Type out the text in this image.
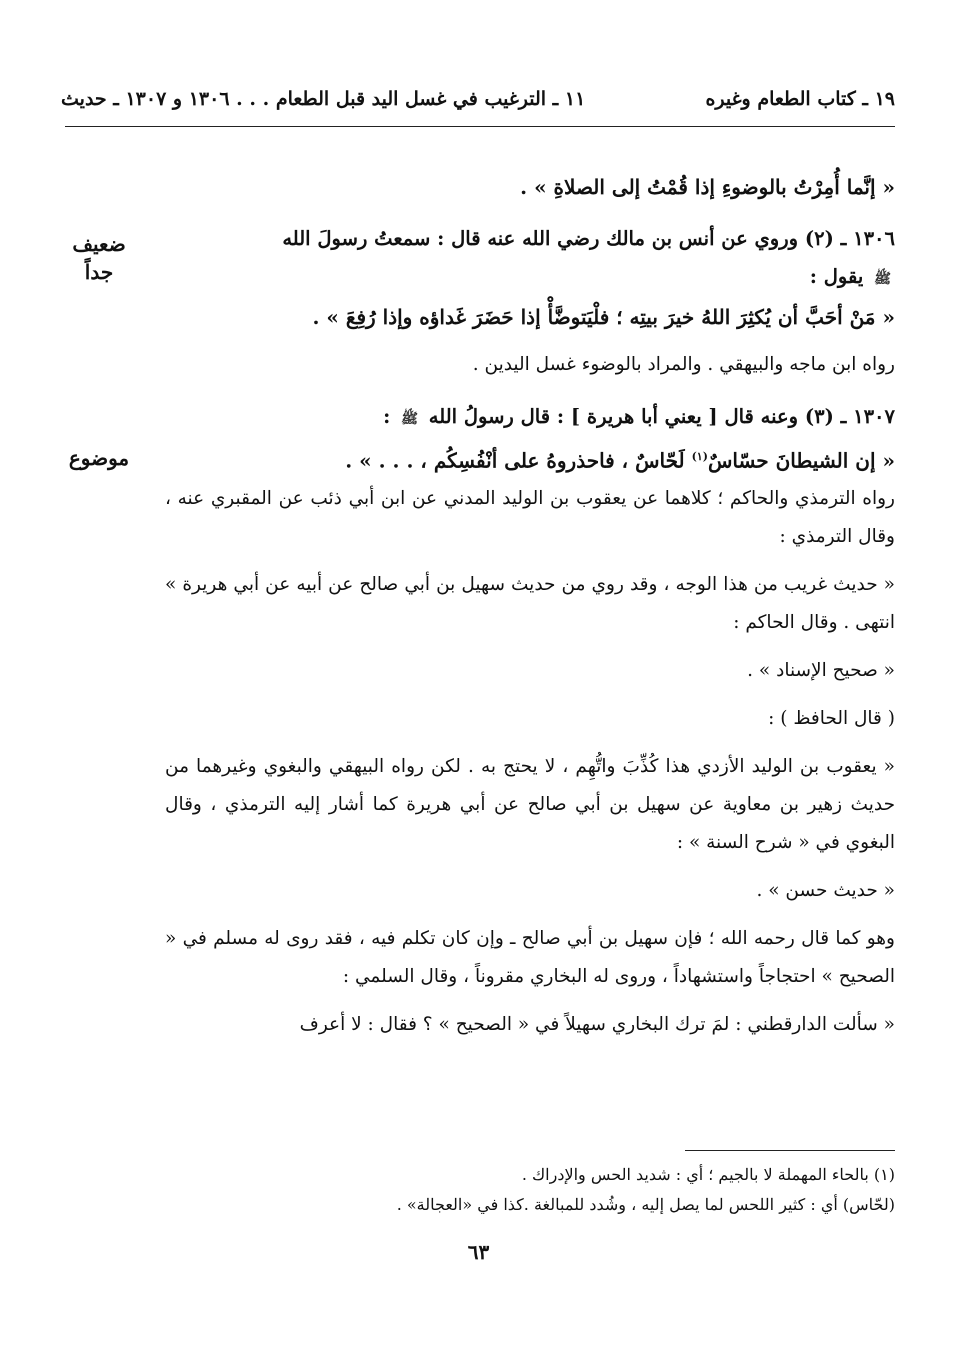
١٩ ـ كتاب الطعام وغيره
١١ ـ الترغيب في غسل اليد قبل الطعام . . . ١٣٠٦ و ١٣٠٧ ـ حديث
ضعيف جداً
موضوع

« إنَّما أُمِرْتُ بالوضوءِ إذا قُمْتُ إلى الصلاةِ » .

١٣٠٦ ـ (٢) وروي عن أنس بن مالك رضي الله عنه قال : سمعتُ رسولَ الله

ﷺ يقول :

« مَنْ أحَبَّ أن يُكثِرَ اللهُ خيرَ بيتِه ؛ فلْيَتوضَّأْ إذا حَضَرَ غَداؤه وإذا رُفِعَ » .

رواه ابن ماجه والبيهقي . والمراد بالوضوء غسل اليدين .

١٣٠٧ ـ (٣) وعنه قال [ يعني أبا هريرة ] : قال رسولُ الله ﷺ :

« إن الشيطانَ حسّاسٌ$^{(١)}$ لَحّاسٌ ، فاحذروهُ على أنْفُسِكُم ، . . . » .

رواه الترمذي والحاكم ؛ كلاهما عن يعقوب بن الوليد المدني عن ابن أبي ذئب عن المقبري عنه ، وقال الترمذي :

« حديث غريب من هذا الوجه ، وقد روي من حديث سهيل بن أبي صالح عن أبيه عن أبي هريرة » انتهى . وقال الحاكم :

« صحيح الإسناد » .

( قال الحافظ ) :

« يعقوب بن الوليد الأزدي هذا كُذِّبَ واتُّهِم ، لا يحتج به . لكن رواه البيهقي والبغوي وغيرهما من حديث زهير بن معاوية عن سهيل بن أبي صالح عن أبي هريرة كما أشار إليه الترمذي ، وقال البغوي في « شرح السنة » :

« حديث حسن » .

وهو كما قال رحمه الله ؛ فإن سهيل بن أبي صالح ـ وإن كان تكلم فيه ، فقد روى له مسلم في « الصحيح » احتجاجاً واستشهاداً ، وروى له البخاري مقروناً ، وقال السلمي :

« سألت الدارقطني : لمَ ترك البخاري سهيلاً في « الصحيح » ؟ فقال : لا أعرف

(١) بالحاء المهملة لا بالجيم ؛ أي : شديد الحس والإدراك .
(لحّاس) أي : كثير اللحس لما يصل إليه ، وشُدد للمبالغة .كذا في «العجالة» .
٦٣
